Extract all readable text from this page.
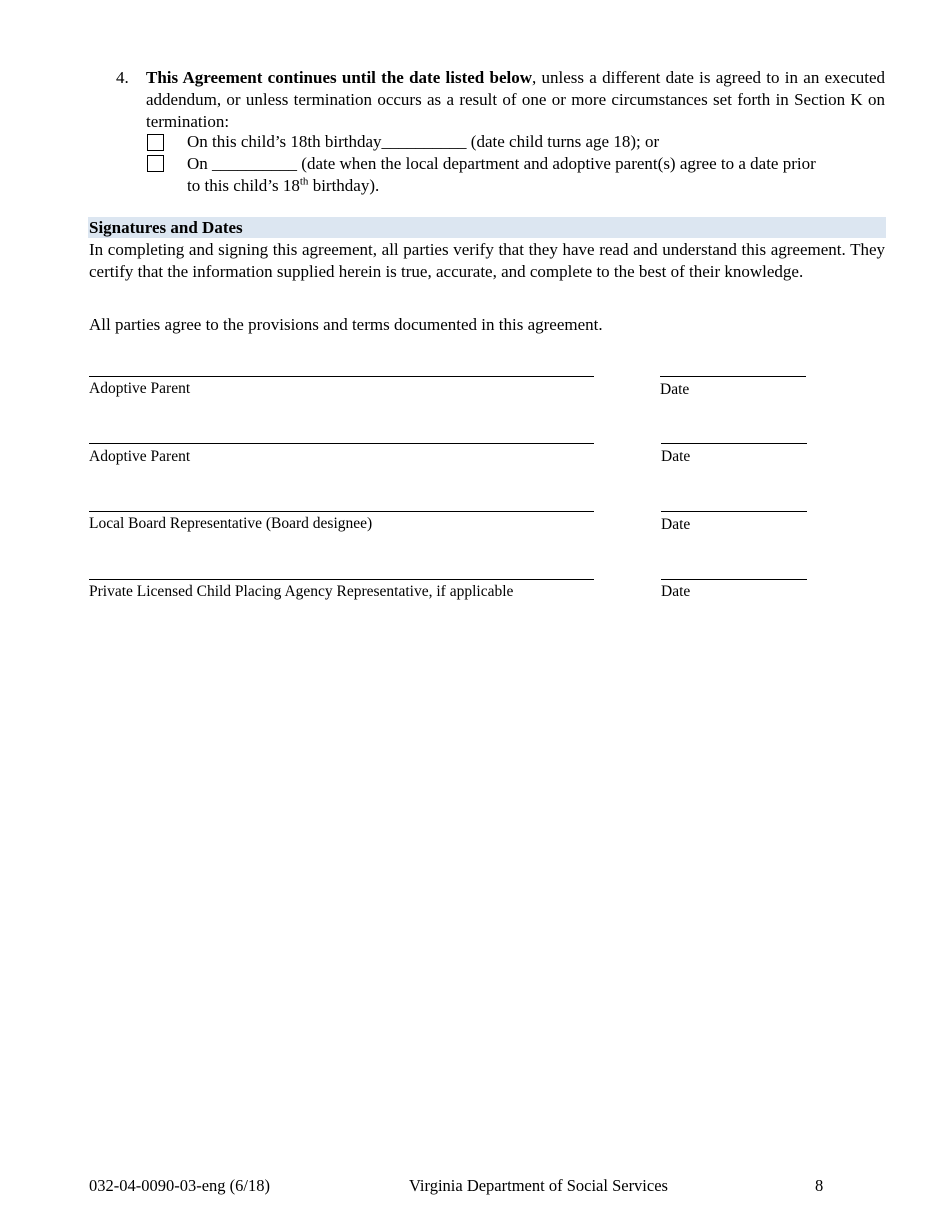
4. This Agreement continues until the date listed below, unless a different date is agreed to in an executed addendum, or unless termination occurs as a result of one or more circumstances set forth in Section K on termination:
On this child’s 18th birthday__________ (date child turns age 18); or
On __________ (date when the local department and adoptive parent(s) agree to a date prior
to this child’s 18th birthday).
Signatures and Dates
In completing and signing this agreement, all parties verify that they have read and understand this agreement. They certify that the information supplied herein is true, accurate, and complete to the best of their knowledge.
All parties agree to the provisions and terms documented in this agreement.
Adoptive Parent	Date
Adoptive Parent	Date
Local Board Representative (Board designee)	Date
Private Licensed Child Placing Agency Representative, if applicable	Date
032-04-0090-03-eng (6/18)	Virginia Department of Social Services	8
